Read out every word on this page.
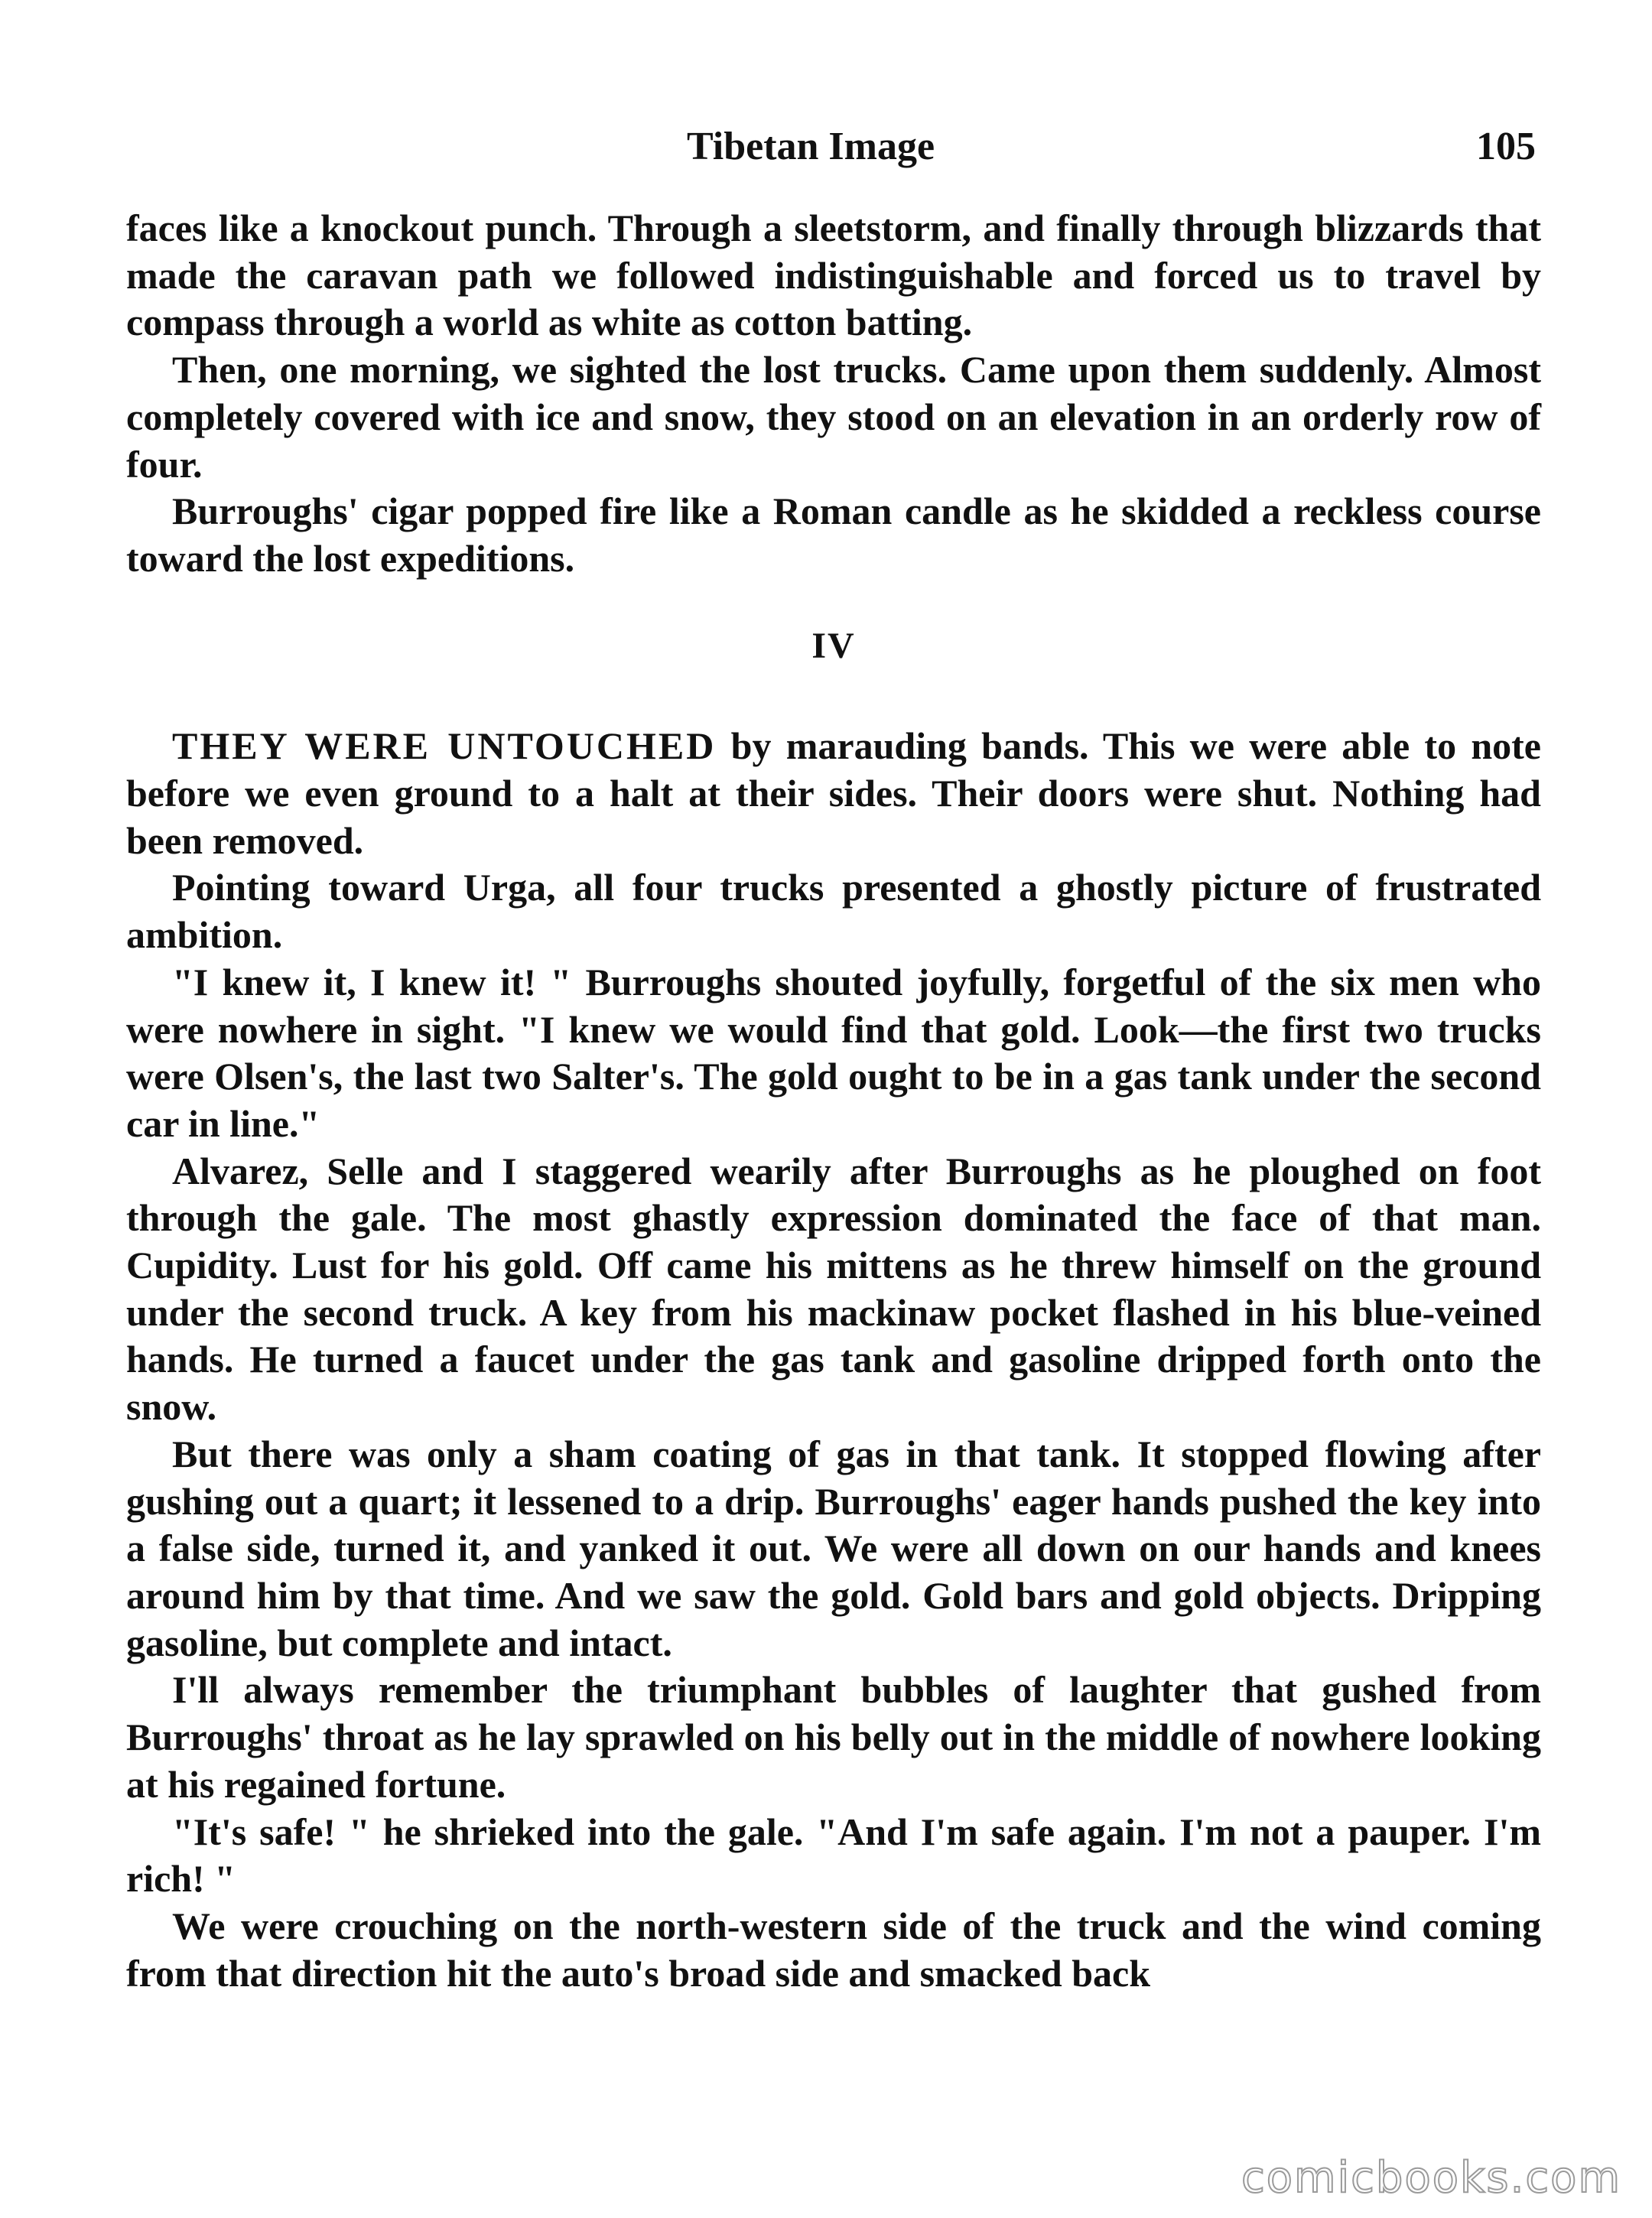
Tibetan Image	105

faces like a knockout punch. Through a sleetstorm, and finally through blizzards that made the caravan path we followed indistinguishable and forced us to travel by compass through a world as white as cotton batting.

Then, one morning, we sighted the lost trucks. Came upon them suddenly. Almost completely covered with ice and snow, they stood on an elevation in an orderly row of four.

Burroughs' cigar popped fire like a Roman candle as he skidded a reckless course toward the lost expeditions.

IV

THEY WERE UNTOUCHED by marauding bands. This we were able to note before we even ground to a halt at their sides. Their doors were shut. Nothing had been removed.

Pointing toward Urga, all four trucks presented a ghostly picture of frustrated ambition.

"I knew it, I knew it! " Burroughs shouted joyfully, forgetful of the six men who were nowhere in sight. "I knew we would find that gold. Look—the first two trucks were Olsen's, the last two Salter's. The gold ought to be in a gas tank under the second car in line."

Alvarez, Selle and I staggered wearily after Burroughs as he ploughed on foot through the gale. The most ghastly expression dominated the face of that man. Cupidity. Lust for his gold. Off came his mittens as he threw himself on the ground under the second truck. A key from his mackinaw pocket flashed in his blue-veined hands. He turned a faucet under the gas tank and gasoline dripped forth onto the snow.

But there was only a sham coating of gas in that tank. It stopped flowing after gushing out a quart; it lessened to a drip. Burroughs' eager hands pushed the key into a false side, turned it, and yanked it out. We were all down on our hands and knees around him by that time. And we saw the gold. Gold bars and gold objects. Dripping gasoline, but complete and intact.

I'll always remember the triumphant bubbles of laughter that gushed from Burroughs' throat as he lay sprawled on his belly out in the middle of nowhere looking at his regained fortune.

"It's safe! " he shrieked into the gale. "And I'm safe again. I'm not a pauper. I'm rich! "

We were crouching on the north-western side of the truck and the wind coming from that direction hit the auto's broad side and smacked back

comicbooks.com
